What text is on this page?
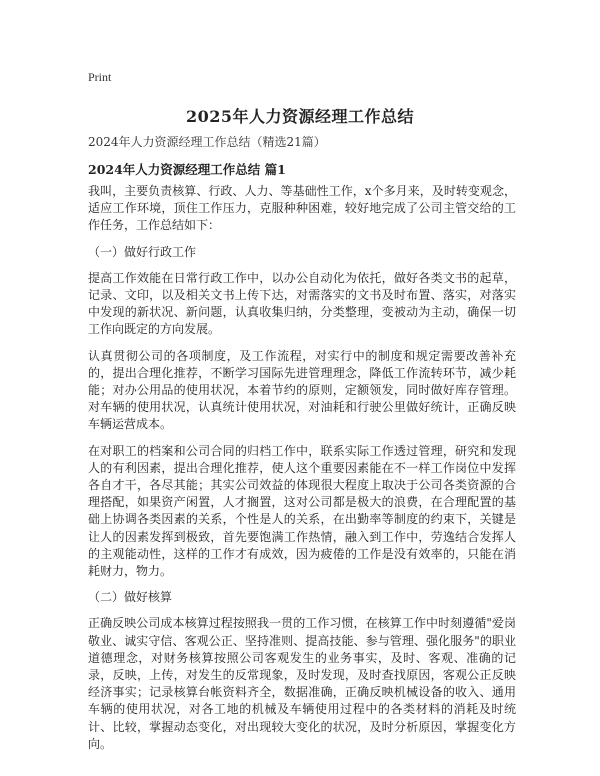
Print
2025年人力资源经理工作总结
2024年人力资源经理工作总结（精选21篇）
2024年人力资源经理工作总结 篇1

我叫，主要负责核算、行政、人力、等基础性工作，x个多月来，及时转变观念，适应工作环境，顶住工作压力，克服种种困难，较好地完成了公司主管交给的工作任务，工作总结如下：

（一）做好行政工作

提高工作效能在日常行政工作中，以办公自动化为依托，做好各类文书的起草，记录、文印，以及相关文书上传下达，对需落实的文书及时布置、落实，对落实中发现的新状况、新问题，认真收集归纳，分类整理，变被动为主动，确保一切工作向既定的方向发展。

认真贯彻公司的各项制度，及工作流程，对实行中的制度和规定需要改善补充的，提出合理化推荐，不断学习国际先进管理理念，降低工作流转环节，减少耗能；对办公用品的使用状况，本着节约的原则，定额领发，同时做好库存管理。对车辆的使用状况，认真统计使用状况，对油耗和行驶公里做好统计，正确反映车辆运营成本。

在对职工的档案和公司合同的归档工作中，联系实际工作透过管理，研究和发现人的有利因素，提出合理化推荐，使人这个重要因素能在不一样工作岗位中发挥各自才干，各尽其能；其实公司效益的体现很大程度上取决于公司各类资源的合理搭配，如果资产闲置，人才搁置，这对公司都是极大的浪费，在合理配置的基础上协调各类因素的关系，个性是人的关系，在出勤率等制度的约束下，关键是让人的因素发挥到极致，首先要饱满工作热情，融入到工作中，劳逸结合发挥人的主观能动性，这样的工作才有成效，因为疲倦的工作是没有效率的，只能在消耗财力，物力。

（二）做好核算

正确反映公司成本核算过程按照我一贯的工作习惯，在核算工作中时刻遵循"爱岗敬业、诚实守信、客观公正、坚持准则、提高技能、参与管理、强化服务"的职业道德理念，对财务核算按照公司客观发生的业务事实，及时、客观、准确的记录，反映，上传，对发生的反常现象，及时发现，及时查找原因，客观公正反映经济事实；记录核算台帐资料齐全，数据准确，正确反映机械设备的收入、通用车辆的使用状况，对各工地的机械及车辆使用过程中的各类材料的消耗及时统计、比较，掌握动态变化，对出现较大变化的状况，及时分析原因，掌握变化方向。
